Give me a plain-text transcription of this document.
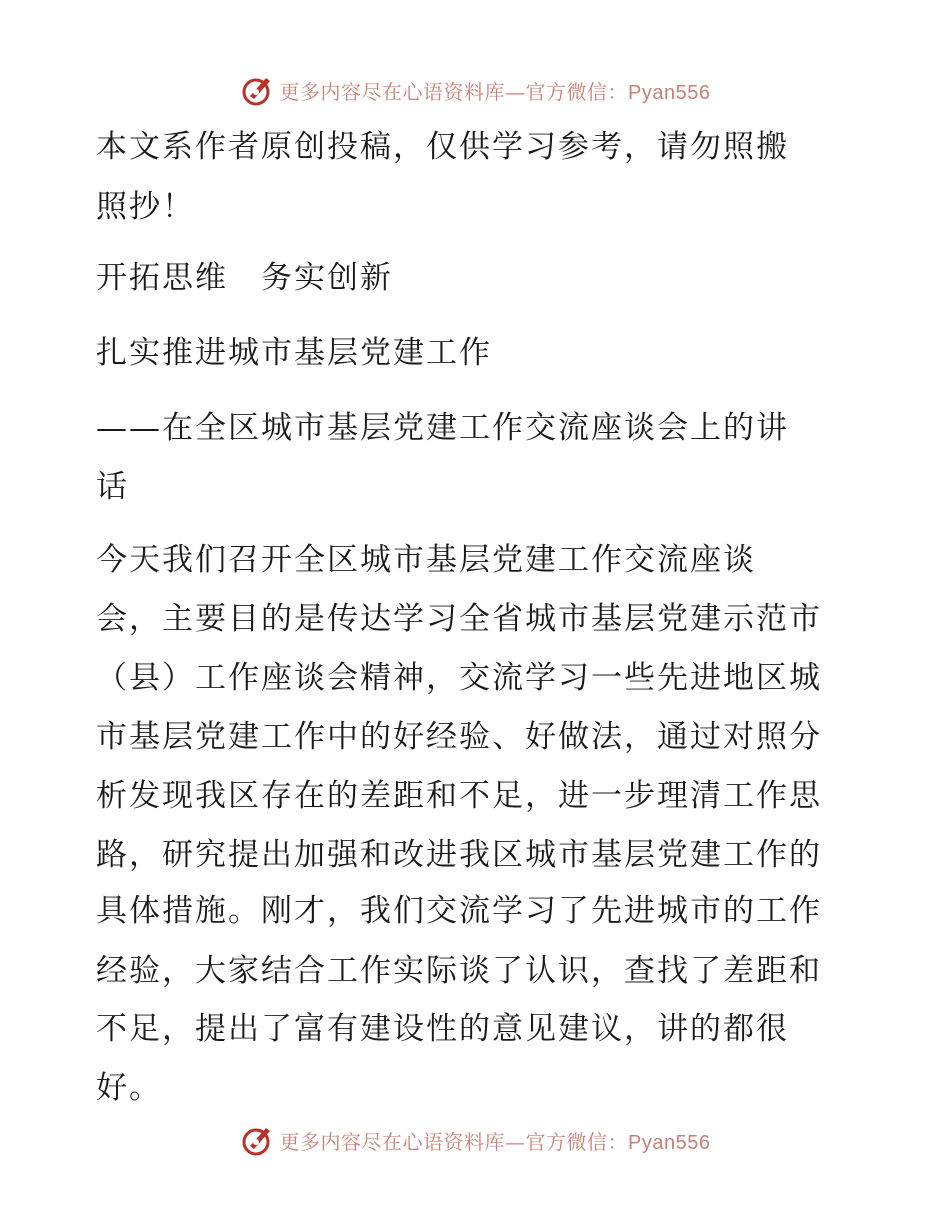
更多内容尽在心语资料库—官方微信：Pyan556
本文系作者原创投稿，仅供学习参考，请勿照搬
照抄！
开拓思维　务实创新
扎实推进城市基层党建工作
——在全区城市基层党建工作交流座谈会上的讲
话
今天我们召开全区城市基层党建工作交流座谈
会，主要目的是传达学习全省城市基层党建示范市
（县）工作座谈会精神，交流学习一些先进地区城
市基层党建工作中的好经验、好做法，通过对照分
析发现我区存在的差距和不足，进一步理清工作思
路，研究提出加强和改进我区城市基层党建工作的
具体措施。刚才，我们交流学习了先进城市的工作
经验，大家结合工作实际谈了认识，查找了差距和
不足，提出了富有建设性的意见建议，讲的都很
好。
更多内容尽在心语资料库—官方微信：Pyan556
